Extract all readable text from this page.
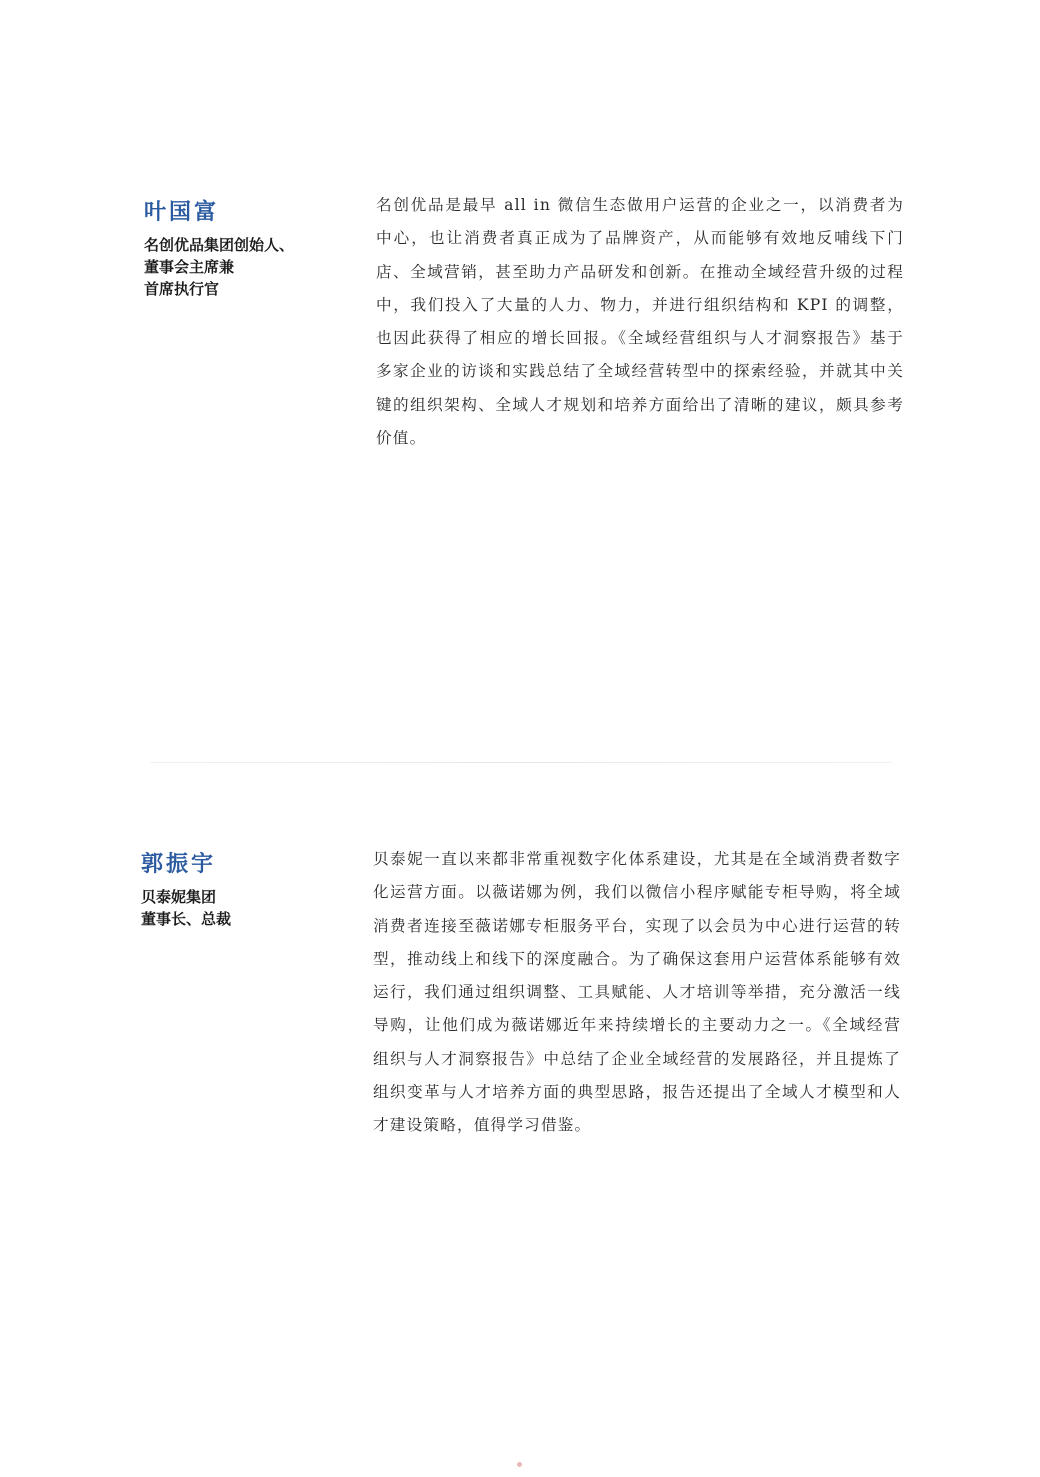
叶国富
名创优品集团创始人、
董事会主席兼
首席执行官

名创优品是最早 all in 微信生态做用户运营的企业之一，以消费者为中心，也让消费者真正成为了品牌资产，从而能够有效地反哺线下门店、全域营销，甚至助力产品研发和创新。在推动全域经营升级的过程中，我们投入了大量的人力、物力，并进行组织结构和 KPI 的调整，也因此获得了相应的增长回报。《全域经营组织与人才洞察报告》基于多家企业的访谈和实践总结了全域经营转型中的探索经验，并就其中关键的组织架构、全域人才规划和培养方面给出了清晰的建议，颇具参考价值。

郭振宇
贝泰妮集团
董事长、总裁

贝泰妮一直以来都非常重视数字化体系建设，尤其是在全域消费者数字化运营方面。以薇诺娜为例，我们以微信小程序赋能专柜导购，将全域消费者连接至薇诺娜专柜服务平台，实现了以会员为中心进行运营的转型，推动线上和线下的深度融合。为了确保这套用户运营体系能够有效运行，我们通过组织调整、工具赋能、人才培训等举措，充分激活一线导购，让他们成为薇诺娜近年来持续增长的主要动力之一。《全域经营组织与人才洞察报告》中总结了企业全域经营的发展路径，并且提炼了组织变革与人才培养方面的典型思路，报告还提出了全域人才模型和人才建设策略，值得学习借鉴。
